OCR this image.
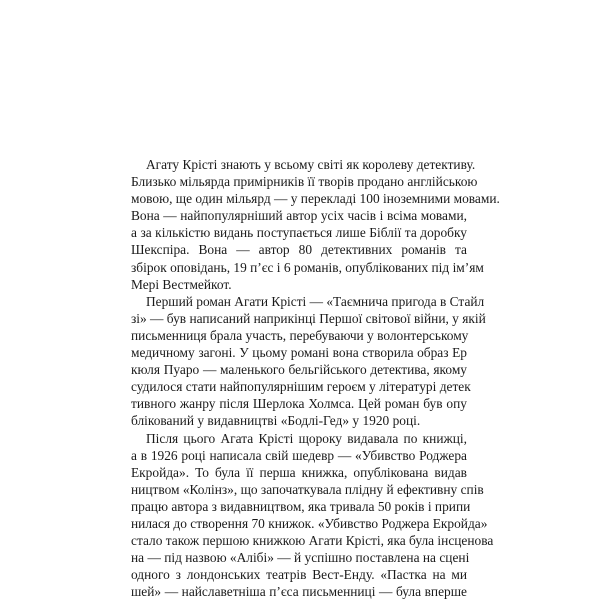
Агату Крісті знають у всьому світі як королеву детективу.
Близько мільярда примірників її творів продано англійською
мовою, ще один мільярд — у перекладі 100 іноземними мовами.
Вона — найпопулярніший автор усіх часів і всіма мовами,
а за кількістю видань поступається лише Біблії та доробку
Шекспіра. Вона — автор 80 детективних романів та
збірок оповідань, 19 п’єс і 6 романів, опублікованих під ім’ям
Мері Вестмейкот.
Перший роман Агати Крісті — «Таємнича пригода в Стайл
зі» — був написаний наприкінці Першої світової війни, у якій
письменниця брала участь, перебуваючи у волонтерському
медичному загоні. У цьому романі вона створила образ Ер
кюля Пуаро — маленького бельгійського детектива, якому
судилося стати найпопулярнішим героєм у літературі детек
тивного жанру після Шерлока Холмса. Цей роман був опу
блікований у видавництві «Бодлі-Гед» у 1920 році.
Після цього Агата Крісті щороку видавала по книжці,
а в 1926 році написала свій шедевр — «Убивство Роджера
Екройда». То була її перша книжка, опублікована видав
ництвом «Колінз», що започаткувала плідну й ефективну спів
працю автора з видавництвом, яка тривала 50 років і припи
нилася до створення 70 книжок. «Убивство Роджера Екройда»
стало також першою книжкою Агати Крісті, яка була інсценова
на — під назвою «Алібі» — й успішно поставлена на сцені
одного з лондонських театрів Вест-Енду. «Пастка на ми
шей» — найславетніша п’єса письменниці — була вперше
